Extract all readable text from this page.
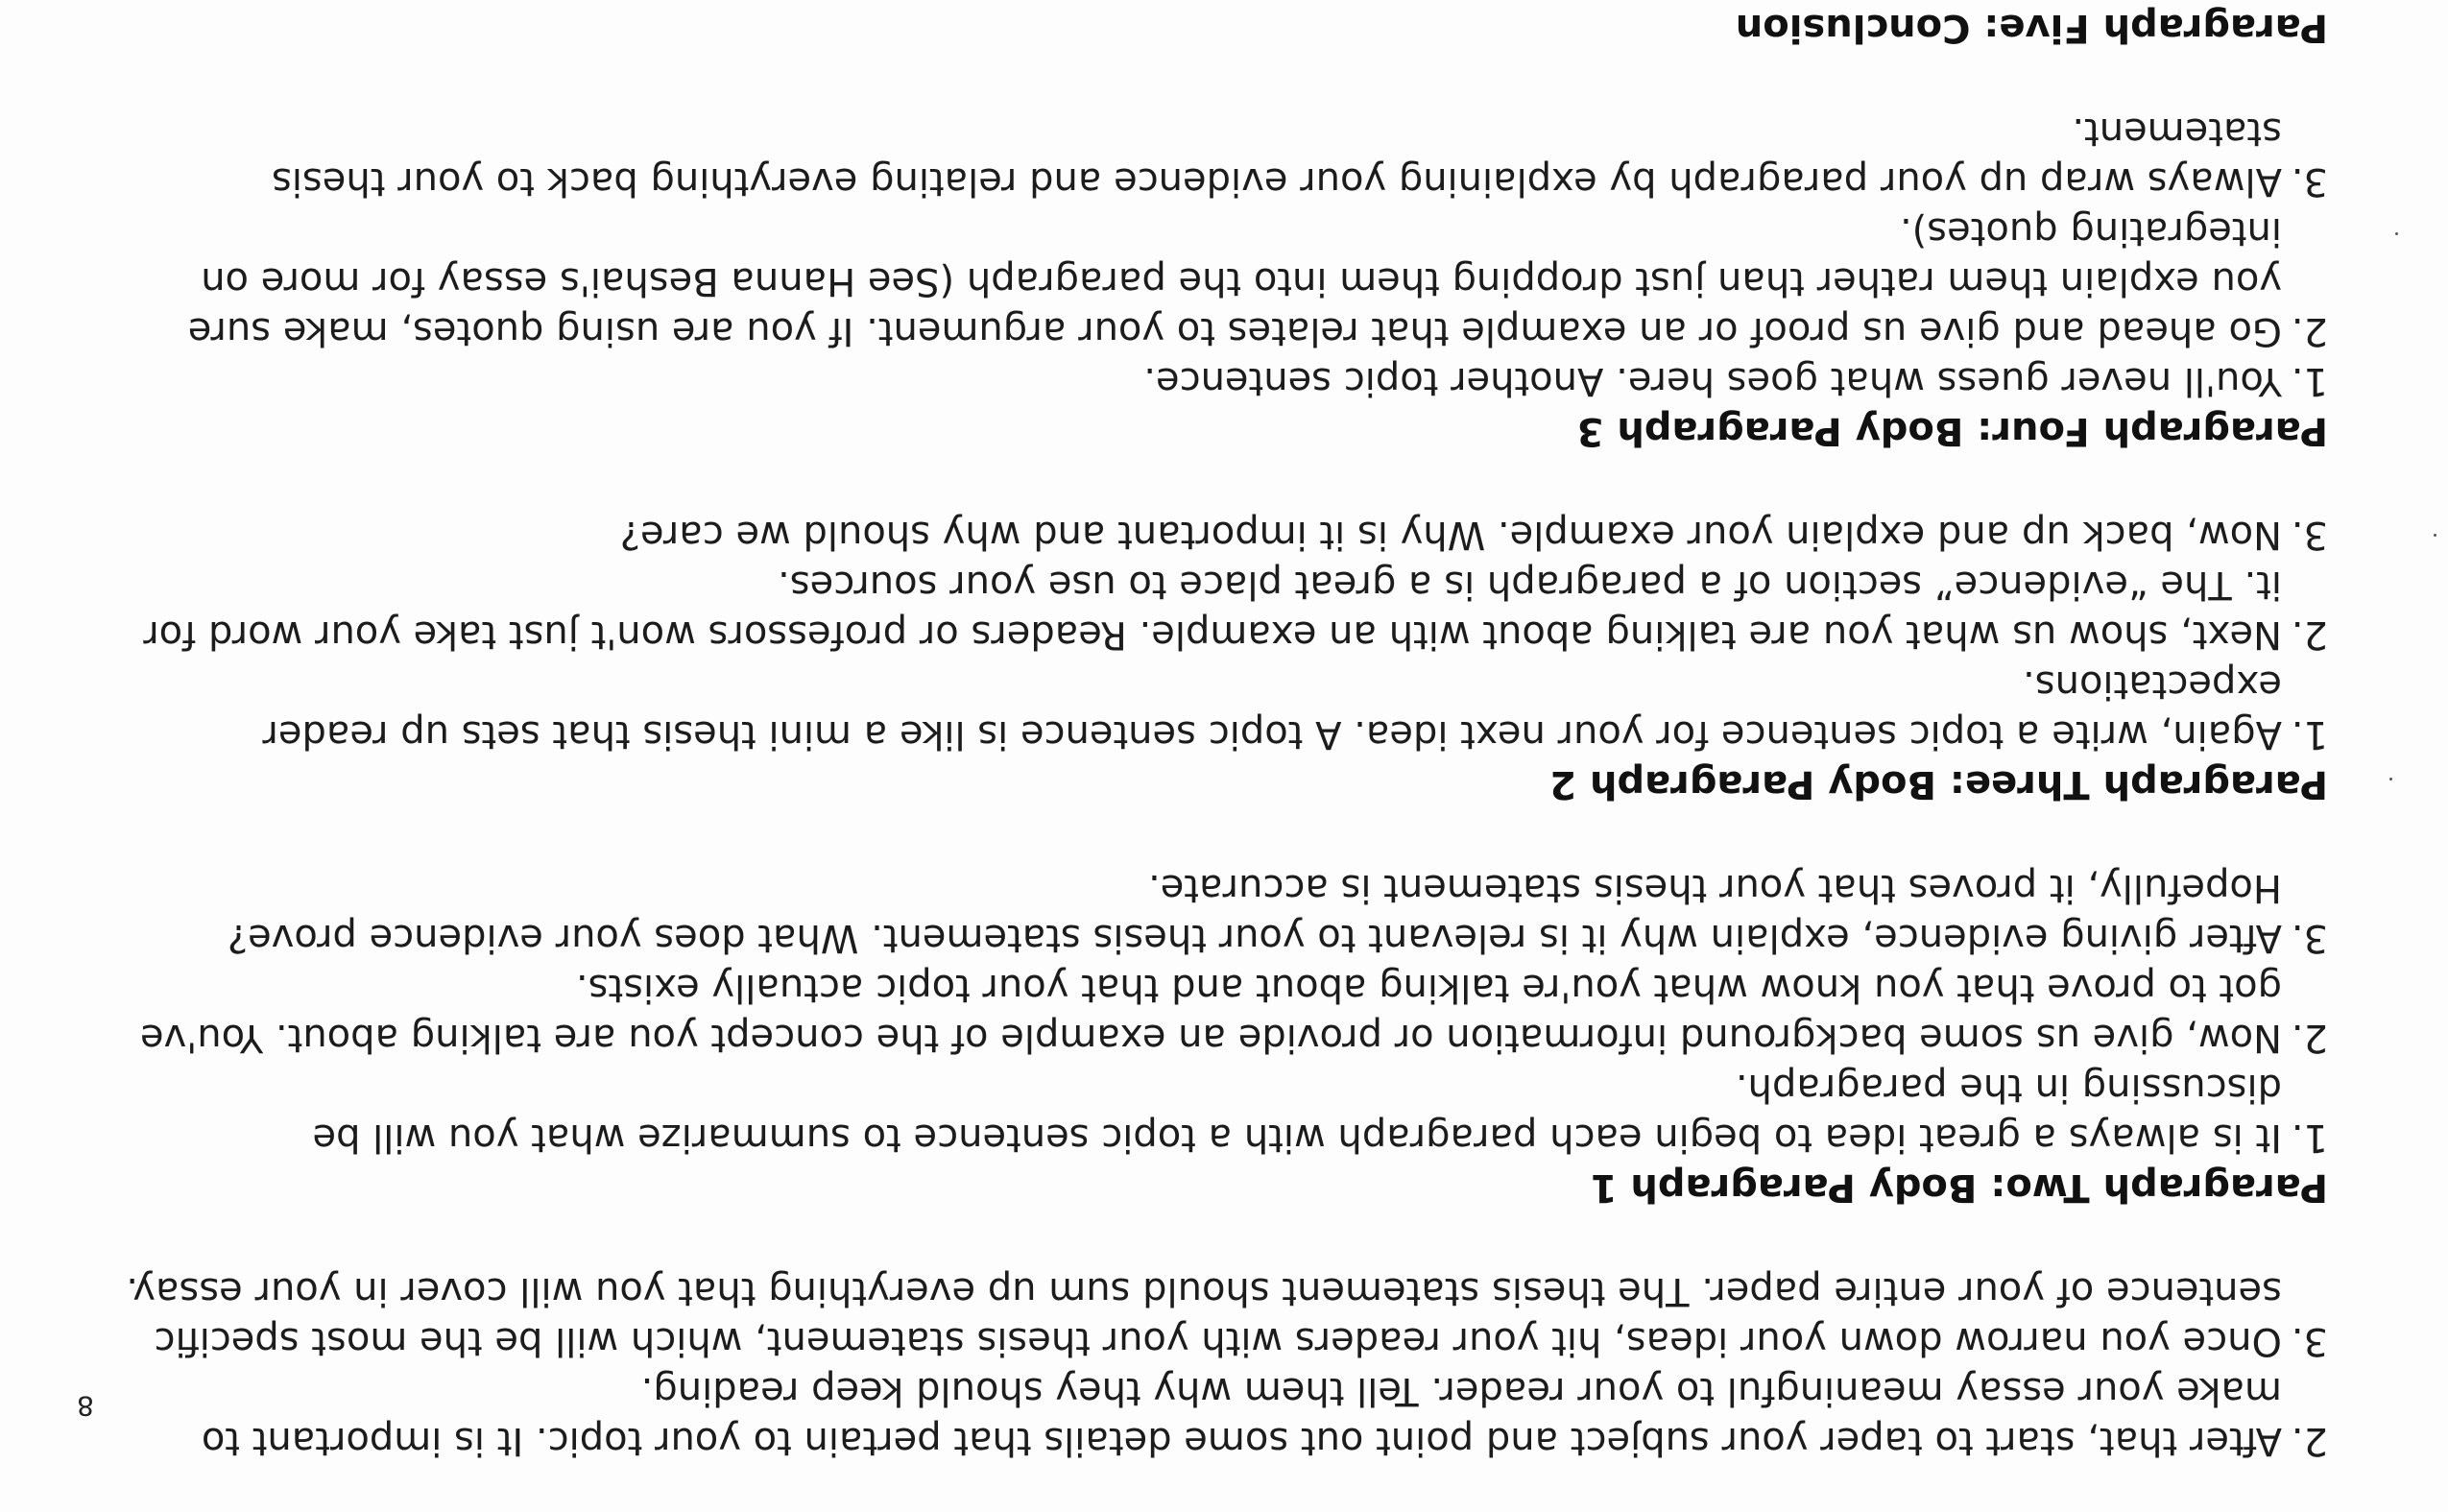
2.
After that, start to taper your subject and point out some details that pertain to your topic. It is important to make your essay meaningful to your reader. Tell them why they should keep reading.
3.
Once you narrow down your ideas, hit your readers with your thesis statement, which will be the most specific sentence of your entire paper. The thesis statement should sum up everything that you will cover in your essay.
Paragraph Two: Body Paragraph 1
1.
It is always a great idea to begin each paragraph with a topic sentence to summarize what you will be discussing in the paragraph.
2.
Now, give us some background information or provide an example of the concept you are talking about. You've got to prove that you know what you're talking about and that your topic actually exists.
3.
After giving evidence, explain why it is relevant to your thesis statement. What does your evidence prove? Hopefully, it proves that your thesis statement is accurate.
Paragraph Three: Body Paragraph 2
1.
Again, write a topic sentence for your next idea. A topic sentence is like a mini thesis that sets up reader expectations.
2.
Next, show us what you are talking about with an example. Readers or professors won't just take your word for it. The “evidence” section of a paragraph is a great place to use your sources.
3.
Now, back up and explain your example. Why is it important and why should we care?
Paragraph Four: Body Paragraph 3
1.
You'll never guess what goes here. Another topic sentence.
2.
Go ahead and give us proof or an example that relates to your argument. If you are using quotes, make sure you explain them rather than just dropping them into the paragraph (See Hanna Beshai's essay for more on integrating quotes).
3.
Always wrap up your paragraph by explaining your evidence and relating everything back to your thesis statement.
Paragraph Five: Conclusion
8
